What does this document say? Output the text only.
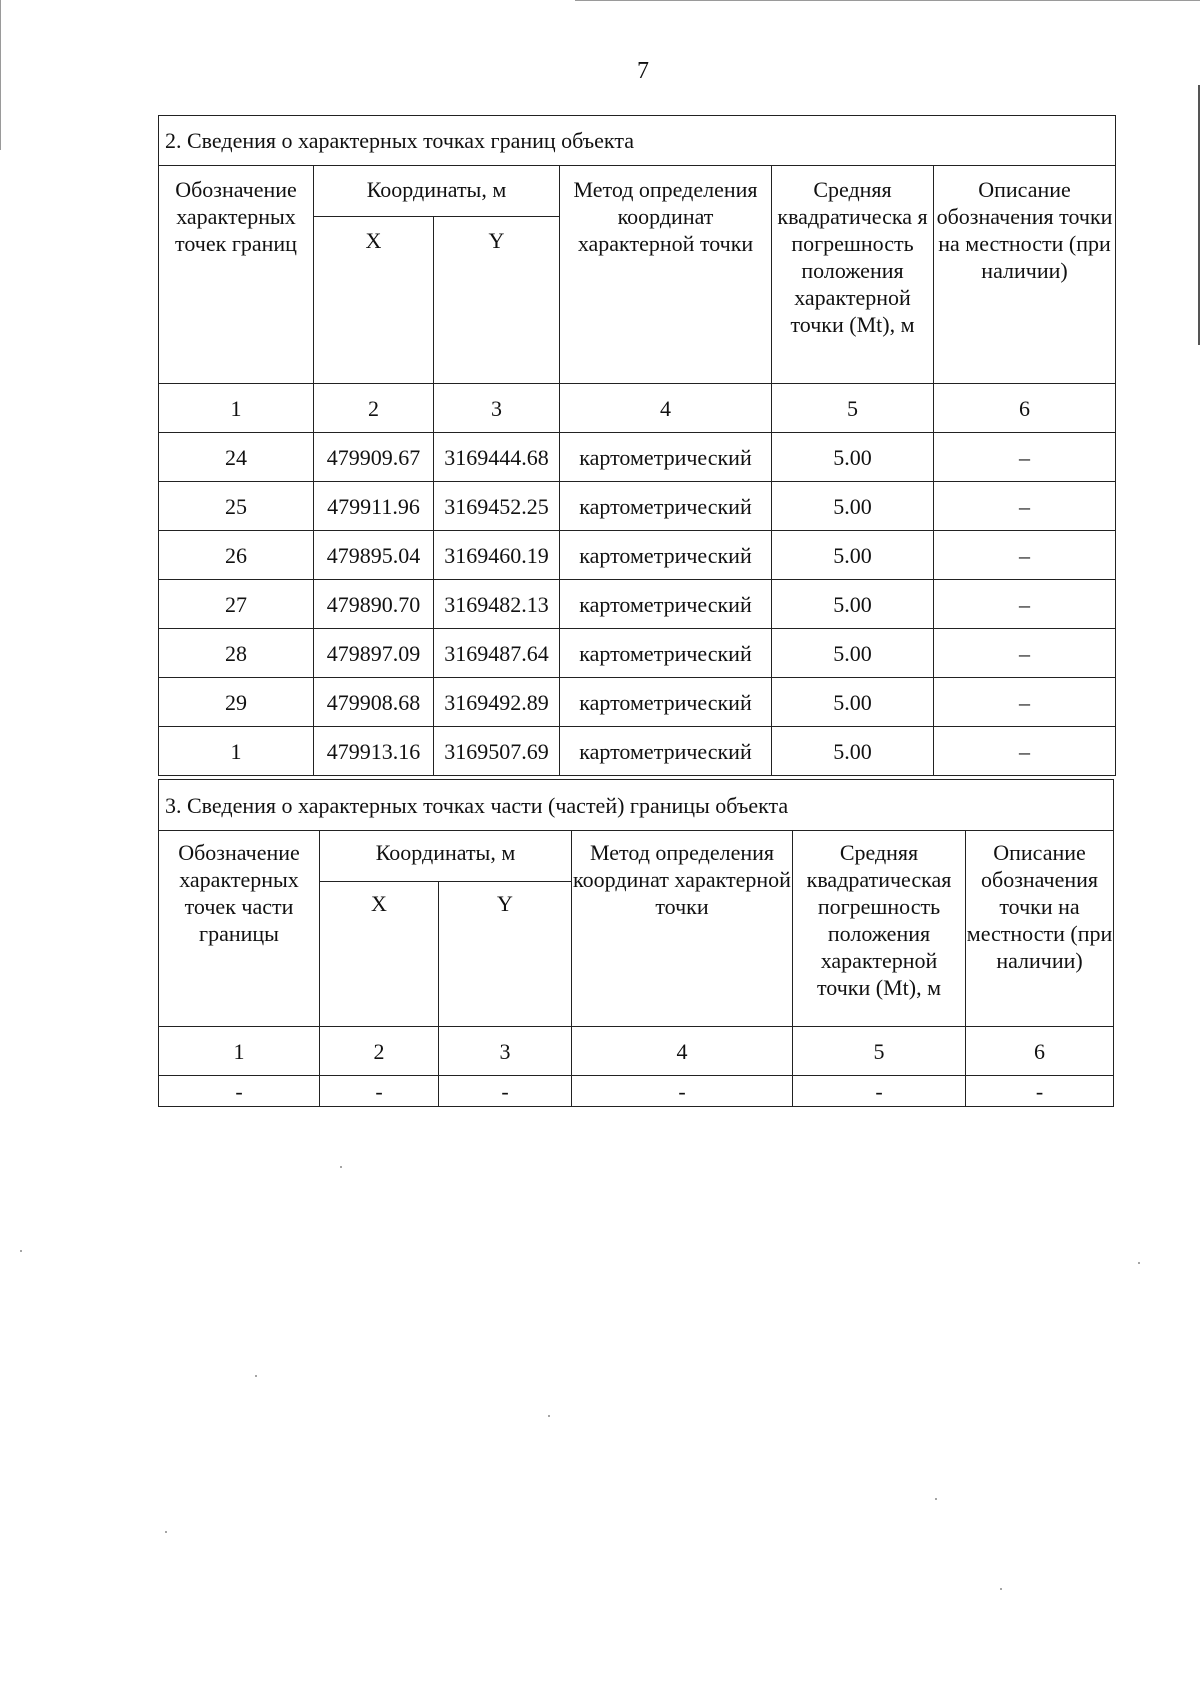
7
2. Сведения о характерных точках границ объекта					
Обозначение характерных точек границ	Координаты, м		Метод определения координат характерной точки	Средняя квадратическа я погрешность положения характерной точки (Mt), м	Описание обозначения точки на местности (при наличии)
	X	Y			
1	2	3	4	5	6
24	479909.67	3169444.68	картометрический	5.00	–
25	479911.96	3169452.25	картометрический	5.00	–
26	479895.04	3169460.19	картометрический	5.00	–
27	479890.70	3169482.13	картометрический	5.00	–
28	479897.09	3169487.64	картометрический	5.00	–
29	479908.68	3169492.89	картометрический	5.00	–
1	479913.16	3169507.69	картометрический	5.00	–
3. Сведения о характерных точках части (частей) границы объекта					
Обозначение характерных точек части границы	Координаты, м		Метод определения координат характерной точки	Средняя квадратическая погрешность положения характерной точки (Mt), м	Описание обозначения точки на местности (при наличии)
	X	Y			
1	2	3	4	5	6
-	-	-	-	-	-
